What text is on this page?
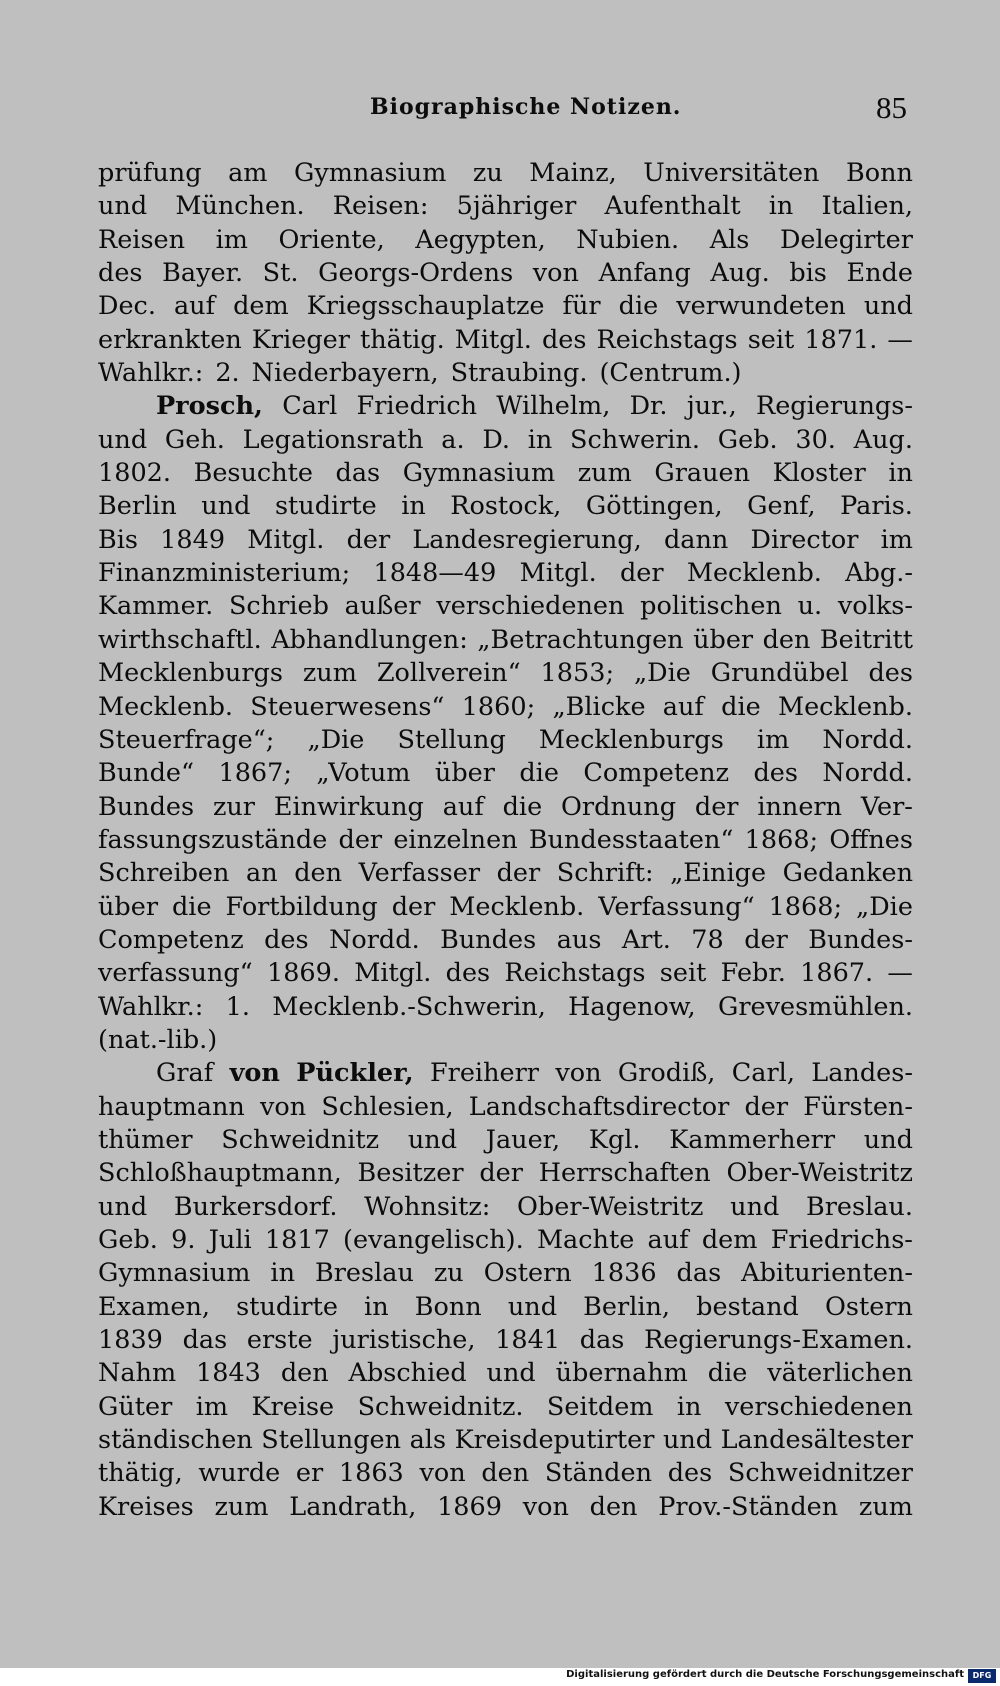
Biographische Notizen.	85
prüfung am Gymnasium zu Mainz, Universitäten Bonn
und München. Reisen: 5jähriger Aufenthalt in Italien,
Reisen im Oriente, Aegypten, Nubien. Als Delegirter
des Bayer. St. Georgs-Ordens von Anfang Aug. bis Ende
Dec. auf dem Kriegsschauplatze für die verwundeten und
erkrankten Krieger thätig. Mitgl. des Reichstags seit 1871. —
Wahlkr.: 2. Niederbayern, Straubing. (Centrum.)
Prosch, Carl Friedrich Wilhelm, Dr. jur., Regierungs-
und Geh. Legationsrath a. D. in Schwerin. Geb. 30. Aug.
1802. Besuchte das Gymnasium zum Grauen Kloster in
Berlin und studirte in Rostock, Göttingen, Genf, Paris.
Bis 1849 Mitgl. der Landesregierung, dann Director im
Finanzministerium; 1848—49 Mitgl. der Mecklenb. Abg.-
Kammer. Schrieb außer verschiedenen politischen u. volks-
wirthschaftl. Abhandlungen: „Betrachtungen über den Beitritt
Mecklenburgs zum Zollverein“ 1853; „Die Grundübel des
Mecklenb. Steuerwesens“ 1860; „Blicke auf die Mecklenb.
Steuerfrage“; „Die Stellung Mecklenburgs im Nordd.
Bunde“ 1867; „Votum über die Competenz des Nordd.
Bundes zur Einwirkung auf die Ordnung der innern Ver-
fassungszustände der einzelnen Bundesstaaten“ 1868; Offnes
Schreiben an den Verfasser der Schrift: „Einige Gedanken
über die Fortbildung der Mecklenb. Verfassung“ 1868; „Die
Competenz des Nordd. Bundes aus Art. 78 der Bundes-
verfassung“ 1869. Mitgl. des Reichstags seit Febr. 1867. —
Wahlkr.: 1. Mecklenb.-Schwerin, Hagenow, Grevesmühlen.
(nat.-lib.)
Graf von Pückler, Freiherr von Grodiß, Carl, Landes-
hauptmann von Schlesien, Landschaftsdirector der Fürsten-
thümer Schweidnitz und Jauer, Kgl. Kammerherr und
Schloßhauptmann, Besitzer der Herrschaften Ober-Weistritz
und Burkersdorf. Wohnsitz: Ober-Weistritz und Breslau.
Geb. 9. Juli 1817 (evangelisch). Machte auf dem Friedrichs-
Gymnasium in Breslau zu Ostern 1836 das Abiturienten-
Examen, studirte in Bonn und Berlin, bestand Ostern
1839 das erste juristische, 1841 das Regierungs-Examen.
Nahm 1843 den Abschied und übernahm die väterlichen
Güter im Kreise Schweidnitz. Seitdem in verschiedenen
ständischen Stellungen als Kreisdeputirter und Landesältester
thätig, wurde er 1863 von den Ständen des Schweidnitzer
Kreises zum Landrath, 1869 von den Prov.-Ständen zum
Digitalisierung gefördert durch die Deutsche Forschungsgemeinschaft	DFG
